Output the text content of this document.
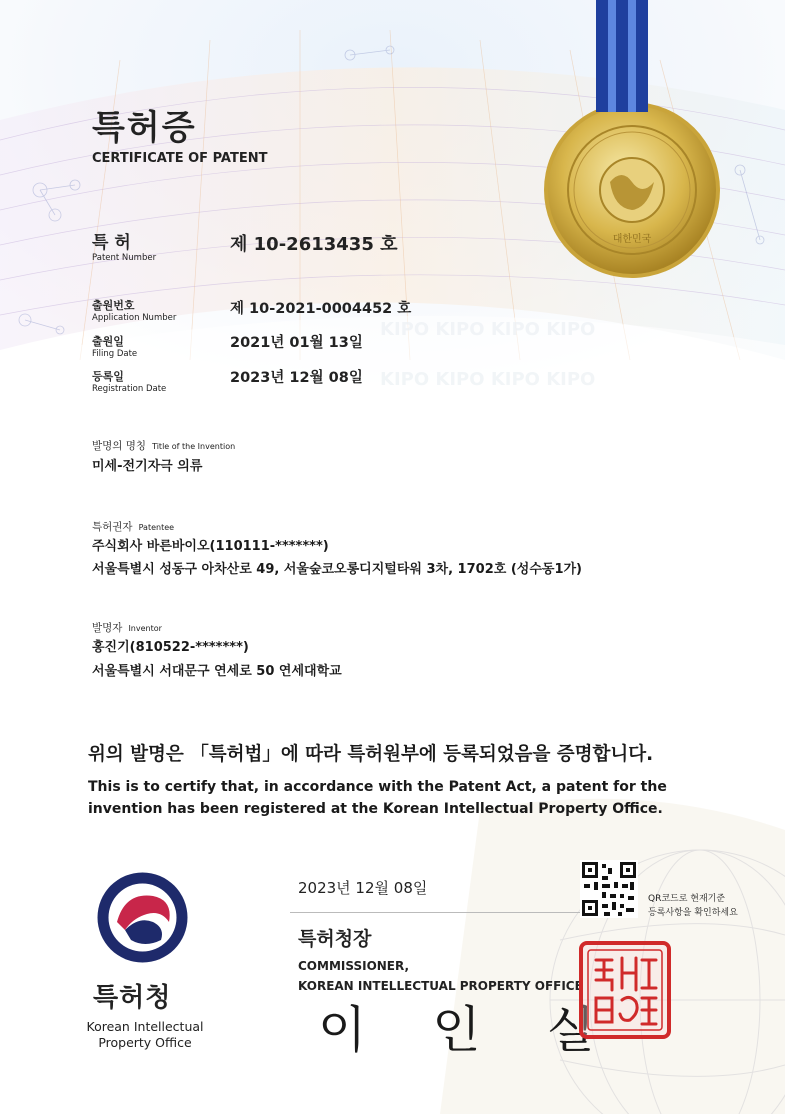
대한민국
특허증
CERTIFICATE OF PATENT
특 허
Patent Number
제 10-2613435 호
출원번호
Application Number
제 10-2021-0004452 호
출원일
Filing Date
2021년 01월 13일
등록일
Registration Date
2023년 12월 08일
발명의 명칭 Title of the Invention
미세-전기자극 의류
특허권자 Patentee
주식회사 바른바이오(110111-*******)
서울특별시 성동구 아차산로 49, 서울숲코오롱디지털타워 3차, 1702호 (성수동1가)
발명자 Inventor
홍진기(810522-*******)
서울특별시 서대문구 연세로 50 연세대학교
위의 발명은 「특허법」에 따라 특허원부에 등록되었음을 증명합니다.
This is to certify that, in accordance with the Patent Act, a patent for the
invention has been registered at the Korean Intellectual Property Office.
특허청
Korean Intellectual Property Office
2023년 12월 08일
특허청장
COMMISSIONER,
KOREAN INTELLECTUAL PROPERTY OFFICE
이인실
QR코드로 현재기준
등록사항을 확인하세요
